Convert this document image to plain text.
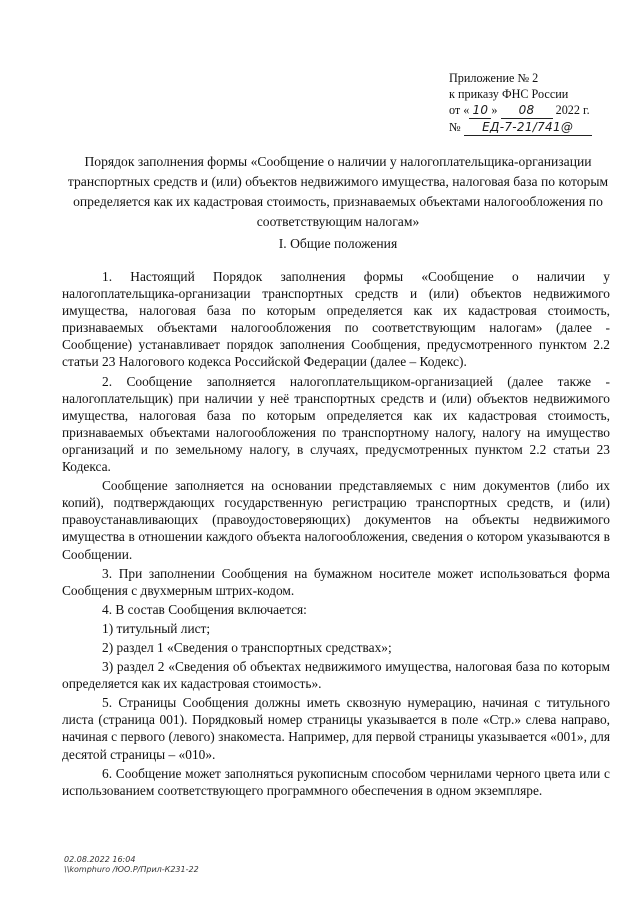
Приложение № 2
к приказу ФНС России
от « 10 » 08 2022 г.
№ ЕД-7-21/741@
Порядок заполнения формы «Сообщение о наличии у налогоплательщика-организации транспортных средств и (или) объектов недвижимого имущества, налоговая база по которым определяется как их кадастровая стоимость, признаваемых объектами налогообложения по соответствующим налогам»
I. Общие положения

1. Настоящий Порядок заполнения формы «Сообщение о наличии у налогоплательщика-организации транспортных средств и (или) объектов недвижимого имущества, налоговая база по которым определяется как их кадастровая стоимость, признаваемых объектами налогообложения по соответствующим налогам» (далее - Сообщение) устанавливает порядок заполнения Сообщения, предусмотренного пунктом 2.2 статьи 23 Налогового кодекса Российской Федерации (далее – Кодекс).

2. Сообщение заполняется налогоплательщиком-организацией (далее также - налогоплательщик) при наличии у неё транспортных средств и (или) объектов недвижимого имущества, налоговая база по которым определяется как их кадастровая стоимость, признаваемых объектами налогообложения по транспортному налогу, налогу на имущество организаций и по земельному налогу, в случаях, предусмотренных пунктом 2.2 статьи 23 Кодекса.

Сообщение заполняется на основании представляемых с ним документов (либо их копий), подтверждающих государственную регистрацию транспортных средств, и (или) правоустанавливающих (правоудостоверяющих) документов на объекты недвижимого имущества в отношении каждого объекта налогообложения, сведения о котором указываются в Сообщении.

3. При заполнении Сообщения на бумажном носителе может использоваться форма Сообщения с двухмерным штрих-кодом.

4. В состав Сообщения включается:

1) титульный лист;

2) раздел 1 «Сведения о транспортных средствах»;

3) раздел 2 «Сведения об объектах недвижимого имущества, налоговая база по которым определяется как их кадастровая стоимость».

5. Страницы Сообщения должны иметь сквозную нумерацию, начиная с титульного листа (страница 001). Порядковый номер страницы указывается в поле «Стр.» слева направо, начиная с первого (левого) знакоместа. Например, для первой страницы указывается «001», для десятой страницы – «010».

6. Сообщение может заполняться рукописным способом чернилами черного цвета или с использованием соответствующего программного обеспечения в одном экземпляре.

02.08.2022 16:04
\\komphuro /ЮО.Р/Прил-К231-22
